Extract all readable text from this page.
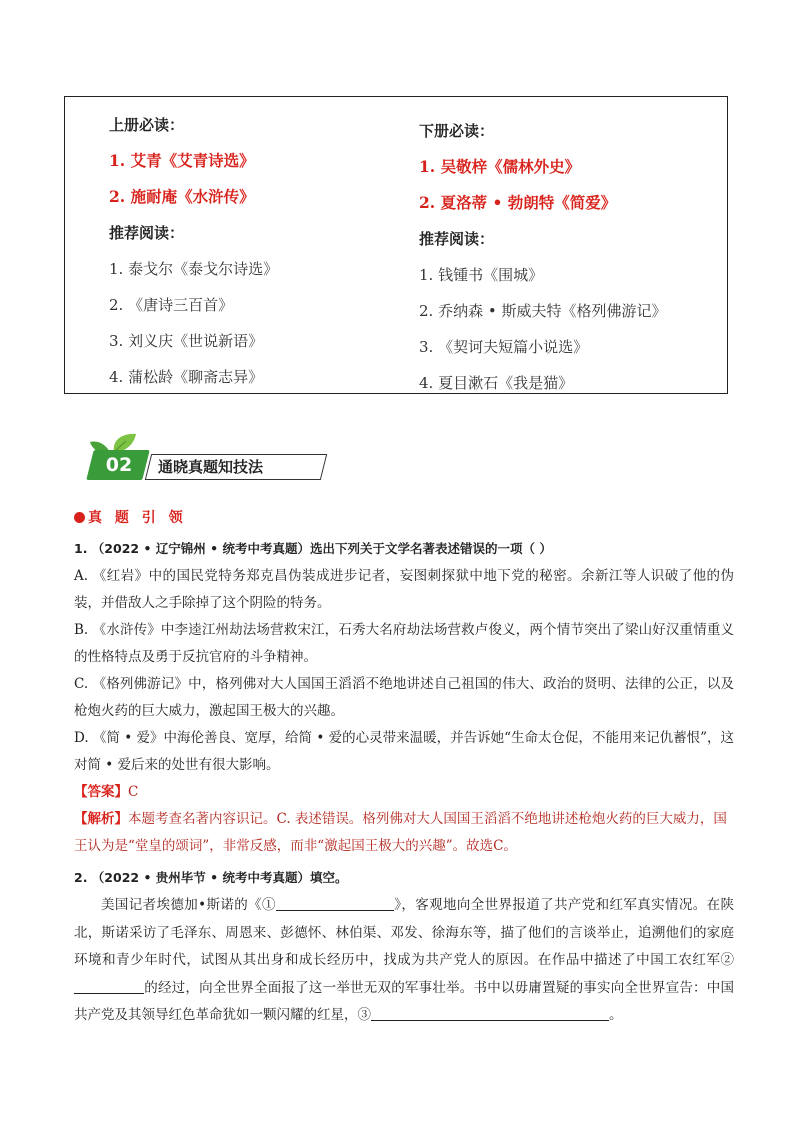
上册必读：
1. 艾青《艾青诗选》
2. 施耐庵《水浒传》
推荐阅读：
1. 泰戈尔《泰戈尔诗选》
2. 《唐诗三百首》
3. 刘义庆《世说新语》
4. 蒲松龄《聊斋志异》
下册必读：
1. 吴敬梓《儒林外史》
2. 夏洛蒂 • 勃朗特《简爱》
推荐阅读：
1. 钱锺书《围城》
2. 乔纳森 • 斯威夫特《格列佛游记》
3. 《契诃夫短篇小说选》
4. 夏目漱石《我是猫》
02	通晓真题知技法
真 题 引 领
1. （2022 • 辽宁锦州 • 统考中考真题）选出下列关于文学名著表述错误的一项（ ）
A. 《红岩》中的国民党特务郑克昌伪装成进步记者，妄图刺探狱中地下党的秘密。余新江等人识破了他的伪装，并借敌人之手除掉了这个阴险的特务。
B. 《水浒传》中李逵江州劫法场营救宋江，石秀大名府劫法场营救卢俊义，两个情节突出了梁山好汉重情重义的性格特点及勇于反抗官府的斗争精神。
C. 《格列佛游记》中，格列佛对大人国国王滔滔不绝地讲述自己祖国的伟大、政治的贤明、法律的公正，以及枪炮火药的巨大威力，激起国王极大的兴趣。
D. 《简 • 爱》中海伦善良、宽厚，给简 • 爱的心灵带来温暖，并告诉她“生命太仓促，不能用来记仇蓄恨”，这对简 • 爱后来的处世有很大影响。
【答案】C
【解析】本题考查名著内容识记。C. 表述错误。格列佛对大人国国王滔滔不绝地讲述枪炮火药的巨大威力，国王认为是“堂皇的颂词”，非常反感，而非“激起国王极大的兴趣”。故选C。
2. （2022 • 贵州毕节 • 统考中考真题）填空。
美国记者埃德加•斯诺的《①	》，客观地向全世界报道了共产党和红军真实情况。在陕北，斯诺采访了毛泽东、周恩来、彭德怀、林伯渠、邓发、徐海东等，描了他们的言谈举止，追溯他们的家庭环境和青少年时代，试图从其出身和成长经历中，找成为共产党人的原因。在作品中描述了中国工农红军②的经过，向全世界全面报了这一举世无双的军事壮举。书中以毋庸置疑的事实向全世界宣告：中国共产党及其领导红色革命犹如一颗闪耀的红星，③	。
